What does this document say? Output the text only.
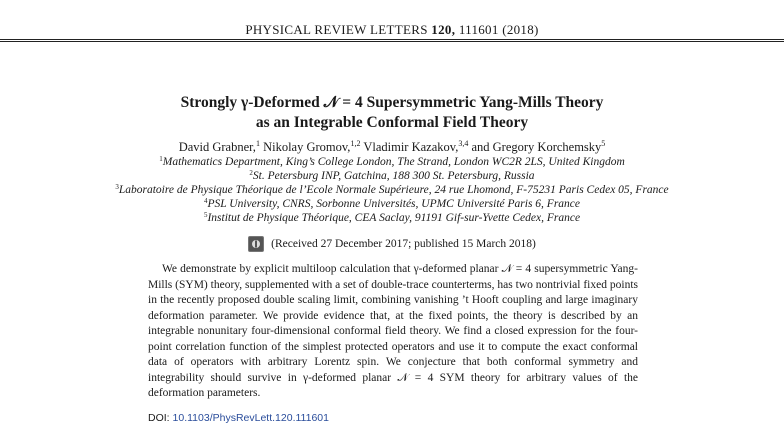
PHYSICAL REVIEW LETTERS 120, 111601 (2018)
Strongly γ-Deformed 𝒩 = 4 Supersymmetric Yang-Mills Theory
as an Integrable Conformal Field Theory
David Grabner,$^1$ Nikolay Gromov,$^{1,2}$ Vladimir Kazakov,$^{3,4}$ and Gregory Korchemsky$^5$
$^1$Mathematics Department, King’s College London, The Strand, London WC2R 2LS, United Kingdom
$^2$St. Petersburg INP, Gatchina, 188 300 St. Petersburg, Russia
$^3$Laboratoire de Physique Théorique de l’Ecole Normale Supérieure, 24 rue Lhomond, F-75231 Paris Cedex 05, France
$^4$PSL University, CNRS, Sorbonne Universités, UPMC Université Paris 6, France
$^5$Institut de Physique Théorique, CEA Saclay, 91191 Gif-sur-Yvette Cedex, France
(Received 27 December 2017; published 15 March 2018)
We demonstrate by explicit multiloop calculation that γ-deformed planar 𝒩 = 4 supersymmetric Yang-Mills (SYM) theory, supplemented with a set of double-trace counterterms, has two nontrivial fixed points in the recently proposed double scaling limit, combining vanishing ’t Hooft coupling and large imaginary deformation parameter. We provide evidence that, at the fixed points, the theory is described by an integrable nonunitary four-dimensional conformal field theory. We find a closed expression for the four-point correlation function of the simplest protected operators and use it to compute the exact conformal data of operators with arbitrary Lorentz spin. We conjecture that both conformal symmetry and integrability should survive in γ-deformed planar 𝒩 = 4 SYM theory for arbitrary values of the deformation parameters.
DOI: 10.1103/PhysRevLett.120.111601
